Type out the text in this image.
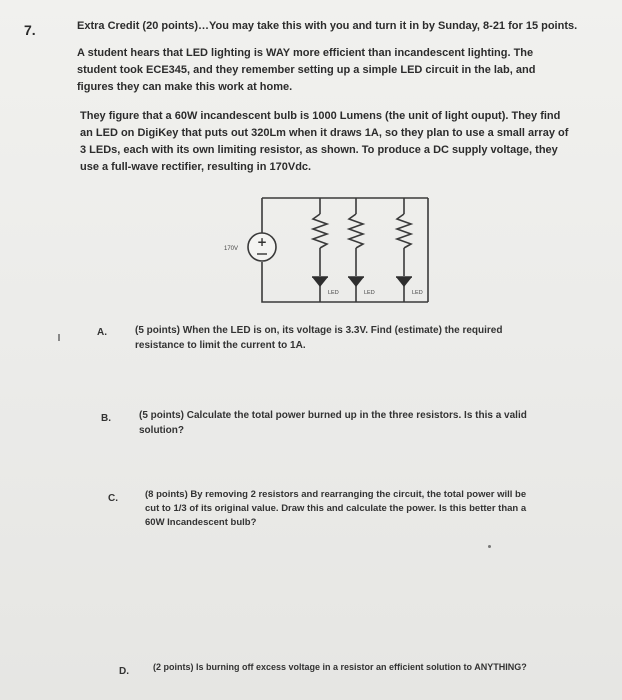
7.	Extra Credit (20 points)…You may take this with you and turn it in by Sunday, 8-21 for 15 points.
A student hears that LED lighting is WAY more efficient than incandescent lighting. The student took ECE345, and they remember setting up a simple LED circuit in the lab, and figures they can make this work at home.
They figure that a 60W incandescent bulb is 1000 Lumens (the unit of light ouput). They find an LED on DigiKey that puts out 320Lm when it draws 1A, so they plan to use a small array of 3 LEDs, each with its own limiting resistor, as shown. To produce a DC supply voltage, they use a full-wave rectifier, resulting in 170Vdc.
+
170V
LED	LED	LED
A.	(5 points) When the LED is on, its voltage is 3.3V. Find (estimate) the required resistance to limit the current to 1A.
B.	(5 points) Calculate the total power burned up in the three resistors. Is this a valid solution?
C.	(8 points) By removing 2 resistors and rearranging the circuit, the total power will be cut to 1/3 of its original value. Draw this and calculate the power. Is this better than a 60W Incandescent bulb?
D.	(2 points) Is burning off excess voltage in a resistor an efficient solution to ANYTHING?
